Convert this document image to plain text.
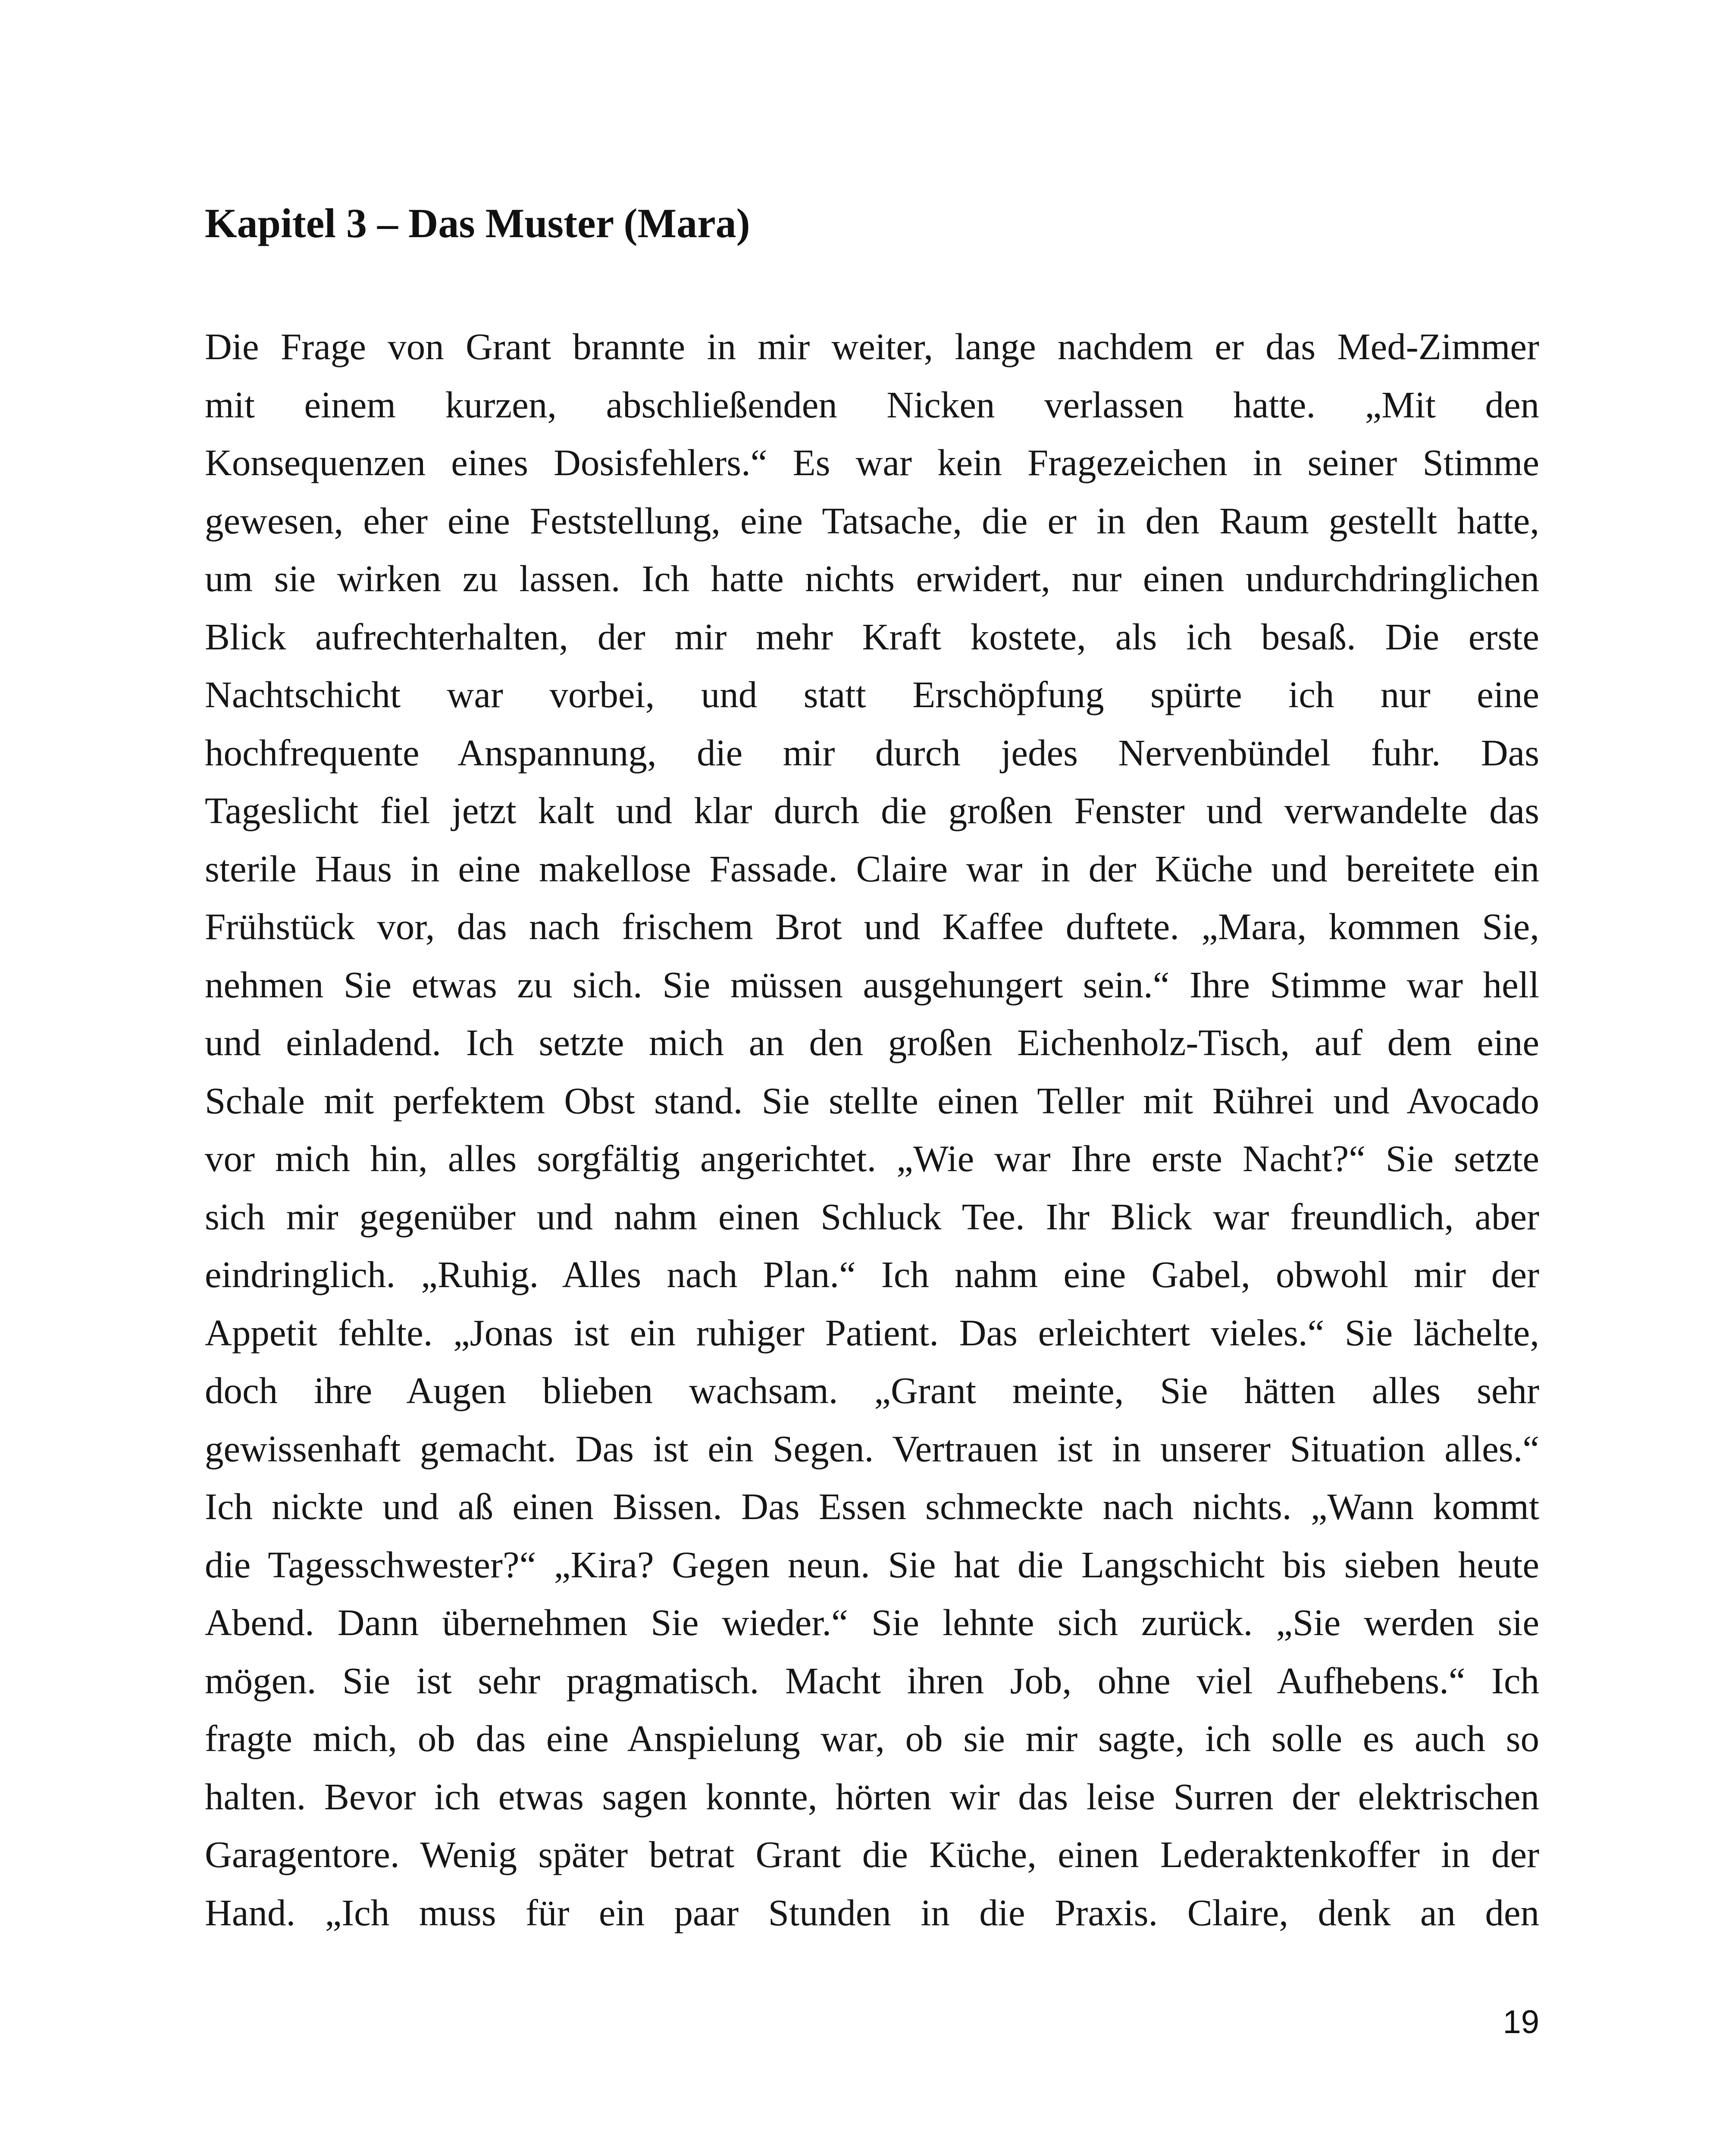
Kapitel 3 – Das Muster (Mara)
Die Frage von Grant brannte in mir weiter, lange nachdem er das Med-Zimmer
mit einem kurzen, abschließenden Nicken verlassen hatte. „Mit den
Konsequenzen eines Dosisfehlers.“ Es war kein Fragezeichen in seiner Stimme
gewesen, eher eine Feststellung, eine Tatsache, die er in den Raum gestellt hatte,
um sie wirken zu lassen. Ich hatte nichts erwidert, nur einen undurchdringlichen
Blick aufrechterhalten, der mir mehr Kraft kostete, als ich besaß. Die erste
Nachtschicht war vorbei, und statt Erschöpfung spürte ich nur eine
hochfrequente Anspannung, die mir durch jedes Nervenbündel fuhr. Das
Tageslicht fiel jetzt kalt und klar durch die großen Fenster und verwandelte das
sterile Haus in eine makellose Fassade. Claire war in der Küche und bereitete ein
Frühstück vor, das nach frischem Brot und Kaffee duftete. „Mara, kommen Sie,
nehmen Sie etwas zu sich. Sie müssen ausgehungert sein.“ Ihre Stimme war hell
und einladend. Ich setzte mich an den großen Eichenholz-Tisch, auf dem eine
Schale mit perfektem Obst stand. Sie stellte einen Teller mit Rührei und Avocado
vor mich hin, alles sorgfältig angerichtet. „Wie war Ihre erste Nacht?“ Sie setzte
sich mir gegenüber und nahm einen Schluck Tee. Ihr Blick war freundlich, aber
eindringlich. „Ruhig. Alles nach Plan.“ Ich nahm eine Gabel, obwohl mir der
Appetit fehlte. „Jonas ist ein ruhiger Patient. Das erleichtert vieles.“ Sie lächelte,
doch ihre Augen blieben wachsam. „Grant meinte, Sie hätten alles sehr
gewissenhaft gemacht. Das ist ein Segen. Vertrauen ist in unserer Situation alles.“
Ich nickte und aß einen Bissen. Das Essen schmeckte nach nichts. „Wann kommt
die Tagesschwester?“ „Kira? Gegen neun. Sie hat die Langschicht bis sieben heute
Abend. Dann übernehmen Sie wieder.“ Sie lehnte sich zurück. „Sie werden sie
mögen. Sie ist sehr pragmatisch. Macht ihren Job, ohne viel Aufhebens.“ Ich
fragte mich, ob das eine Anspielung war, ob sie mir sagte, ich solle es auch so
halten. Bevor ich etwas sagen konnte, hörten wir das leise Surren der elektrischen
Garagentore. Wenig später betrat Grant die Küche, einen Lederaktenkoffer in der
Hand. „Ich muss für ein paar Stunden in die Praxis. Claire, denk an den
19
